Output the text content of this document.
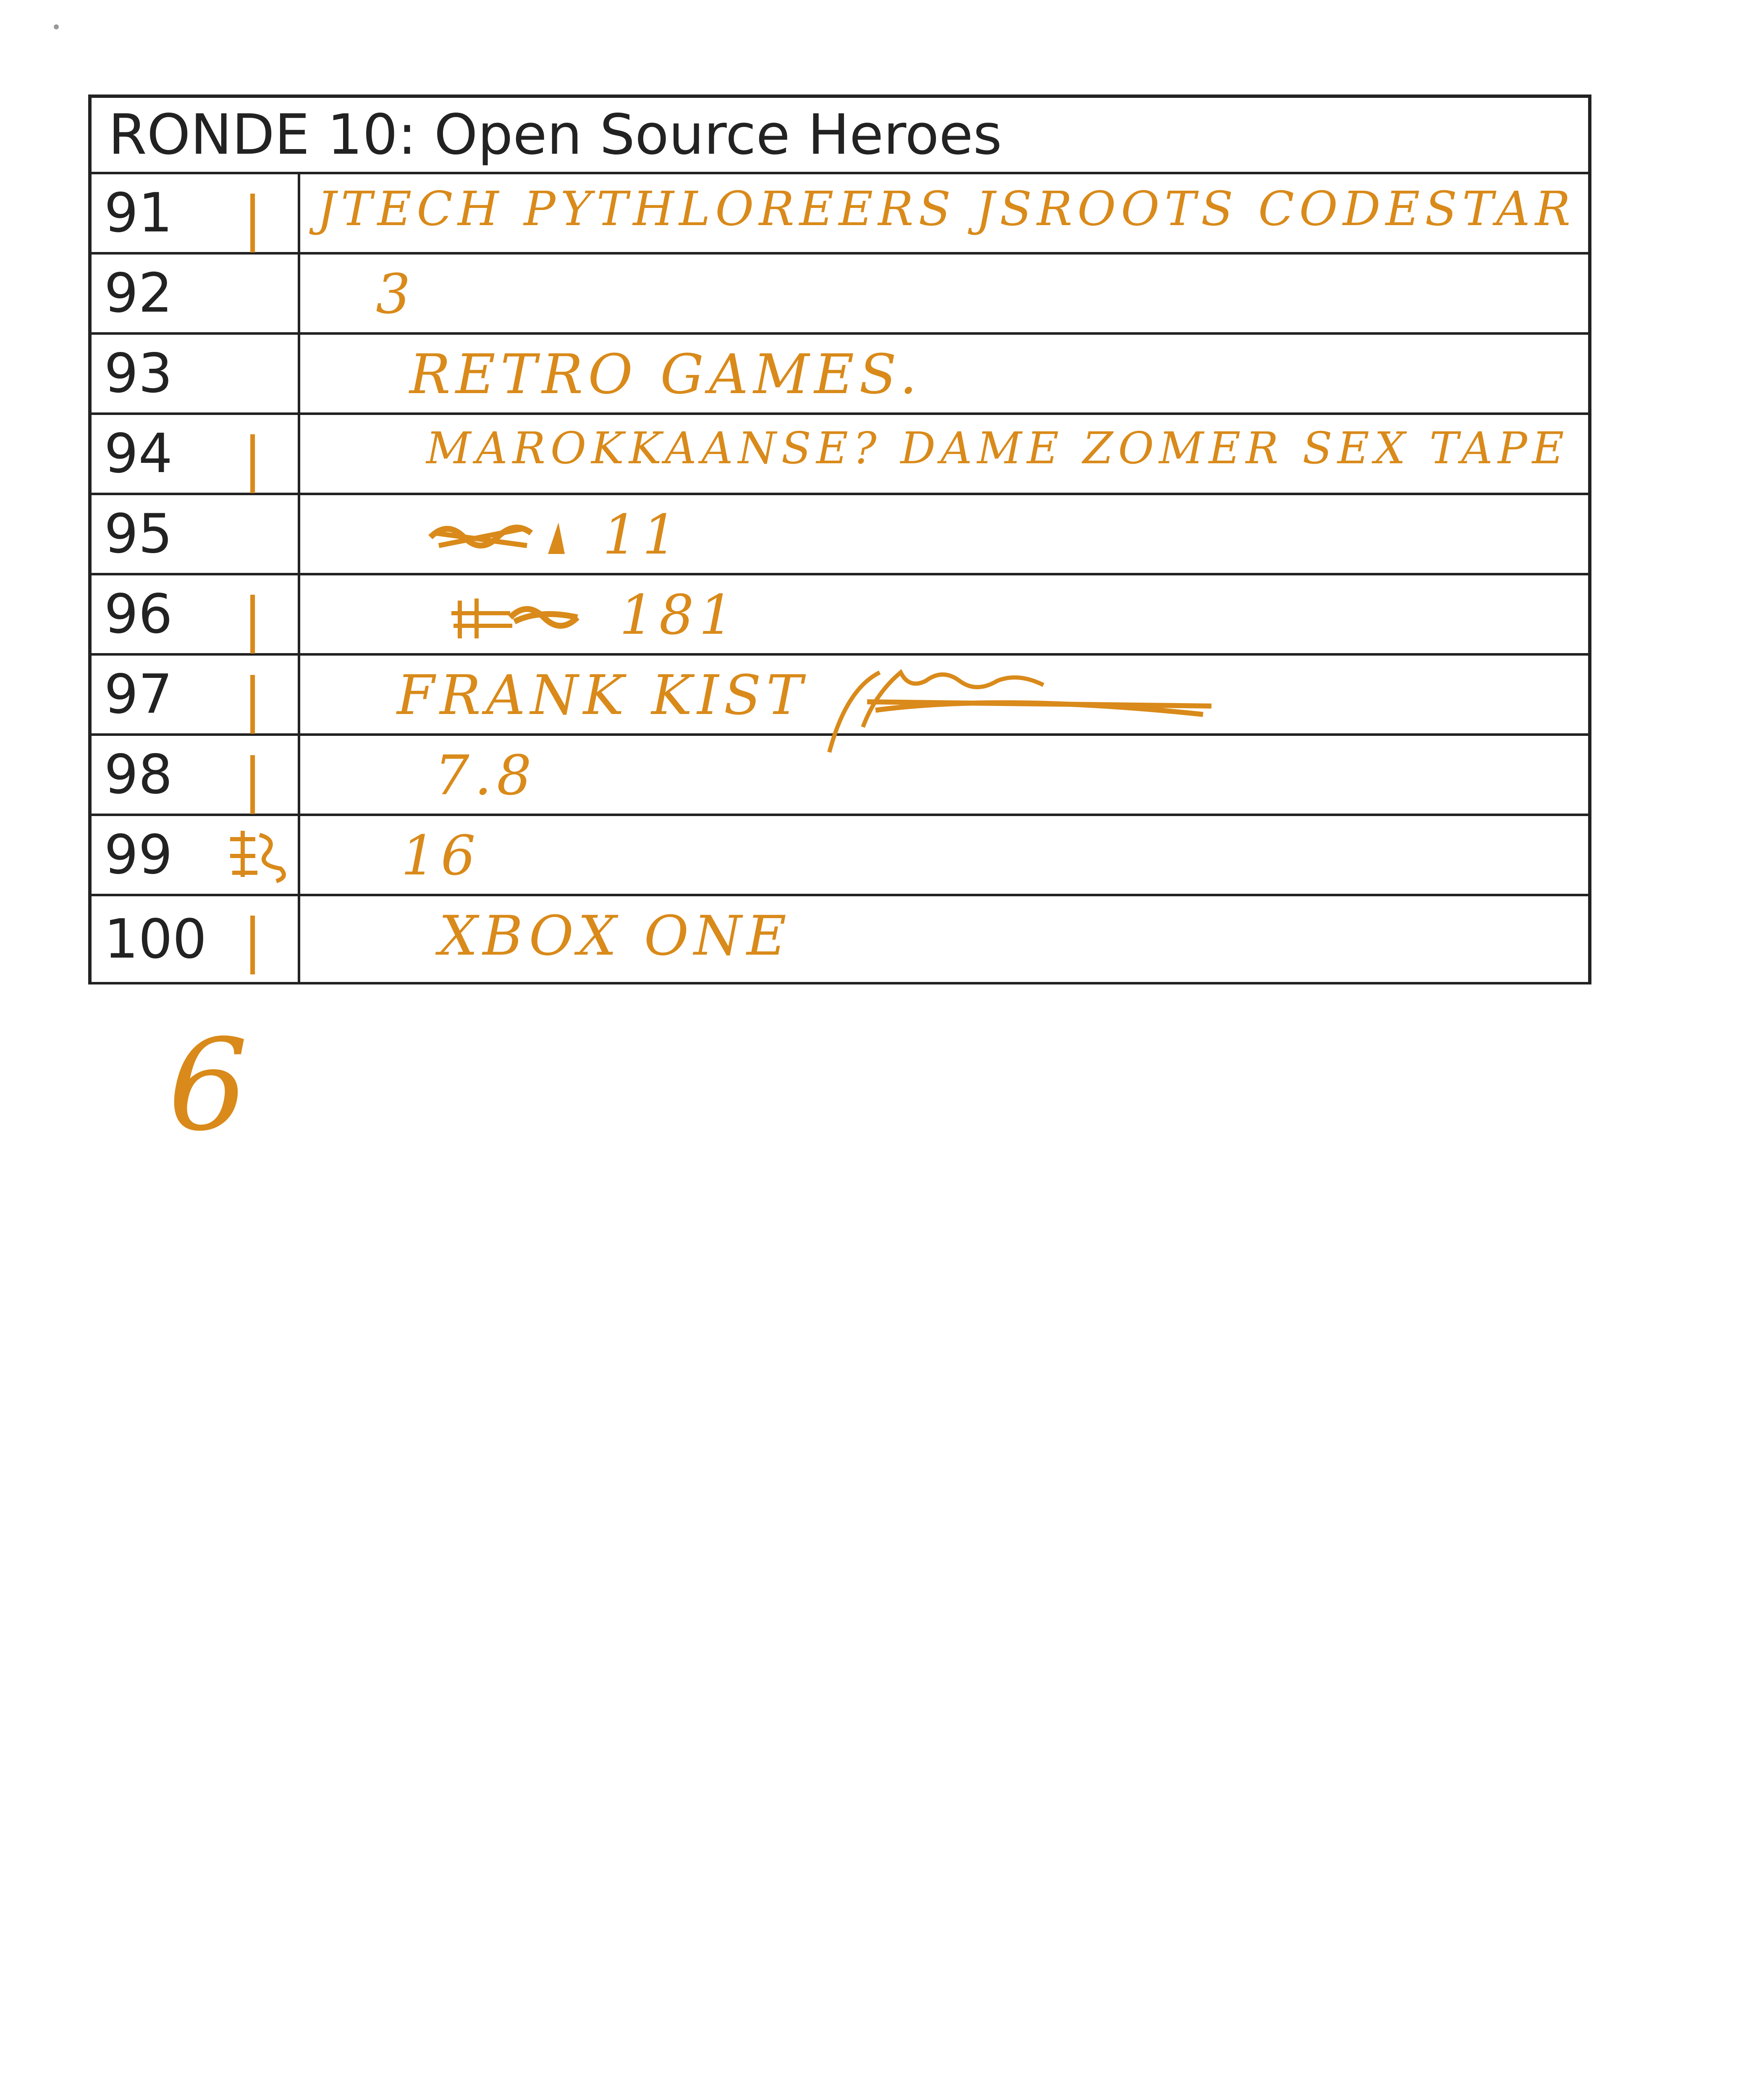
RONDE 10: Open Source Heroes
91 | JTECH PYTHLOREERS JSROOTS CODESTAR
92	3
93	RETRO GAMES.
94 |	MAROKKAANSE? DAME ZOMER SEX TAPE
95	11
96 |	181
97 | FRANK KIST
98 |	7.8
99	16
100 |	XBOX ONE
6
